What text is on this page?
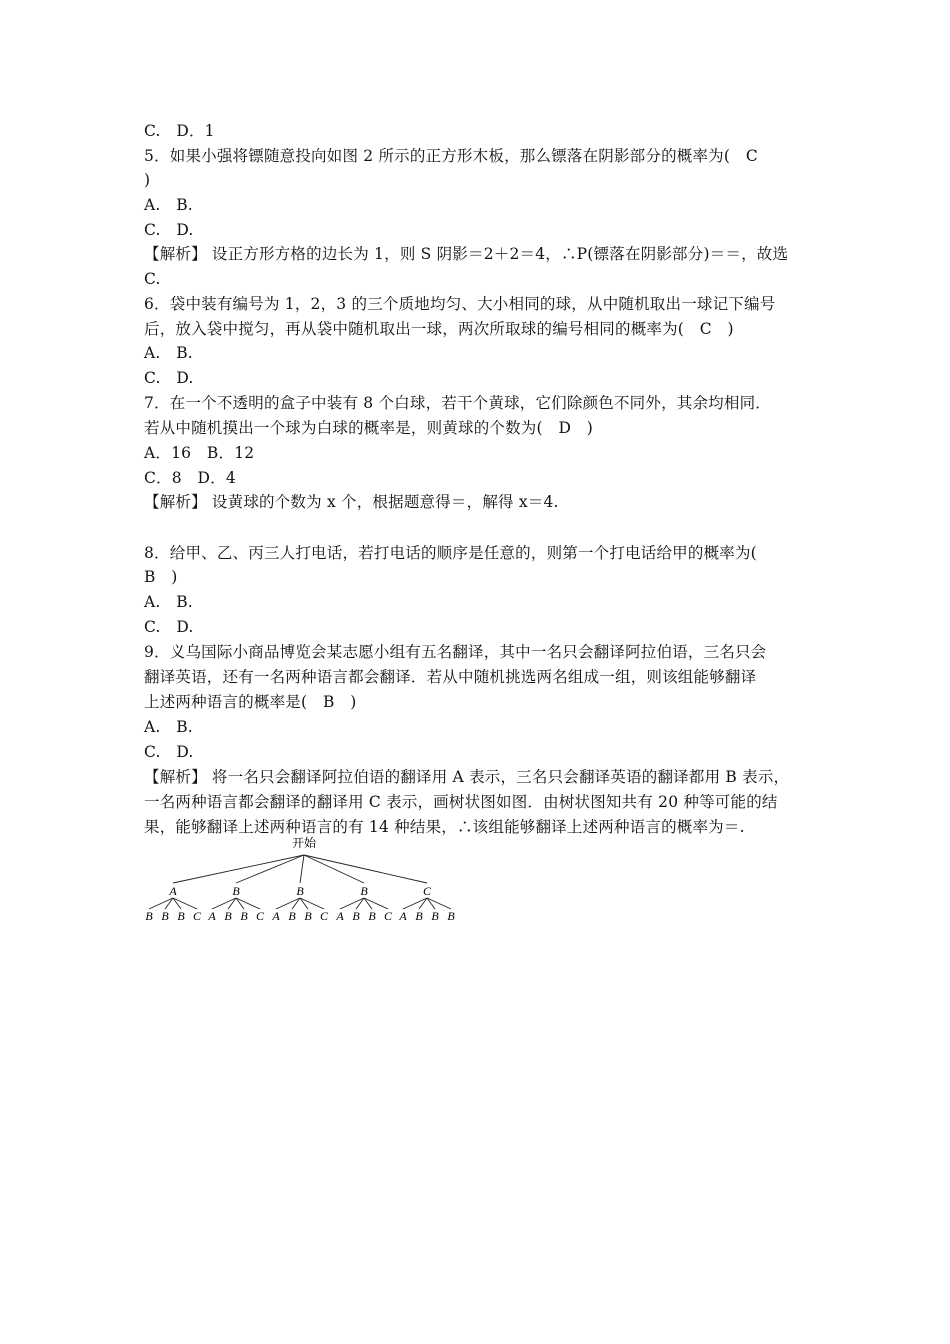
C.　D．1
5．如果小强将镖随意投向如图 2 所示的正方形木板，那么镖落在阴影部分的概率为(　C
)
A.　B.
C.　D.
【解析】 设正方形方格的边长为 1，则 S 阴影＝2＋2＝4，∴P(镖落在阴影部分)＝＝，故选
C.
6．袋中装有编号为 1，2，3 的三个质地均匀、大小相同的球，从中随机取出一球记下编号
后，放入袋中搅匀，再从袋中随机取出一球，两次所取球的编号相同的概率为(　C　)
A.　B.
C.　D.
7．在一个不透明的盒子中装有 8 个白球，若干个黄球，它们除颜色不同外，其余均相同．
若从中随机摸出一个球为白球的概率是，则黄球的个数为(　D　)
A．16　B．12
C．8　D．4
【解析】 设黄球的个数为 x 个，根据题意得＝，解得 x＝4.
8．给甲、乙、丙三人打电话，若打电话的顺序是任意的，则第一个打电话给甲的概率为(
B　)
A.　B.
C.　D.
9．义乌国际小商品博览会某志愿小组有五名翻译，其中一名只会翻译阿拉伯语，三名只会
翻译英语，还有一名两种语言都会翻译．若从中随机挑选两名组成一组，则该组能够翻译
上述两种语言的概率是(　B　)
A.　B.
C.　D.
【解析】 将一名只会翻译阿拉伯语的翻译用 A 表示，三名只会翻译英语的翻译都用 B 表示，
一名两种语言都会翻译的翻译用 C 表示，画树状图如图．由树状图知共有 20 种等可能的结
果，能够翻译上述两种语言的有 14 种结果，∴该组能够翻译上述两种语言的概率为＝.
开始
A	B	B	B	C
B B B C A B B C A B B C A B B C A B B B
